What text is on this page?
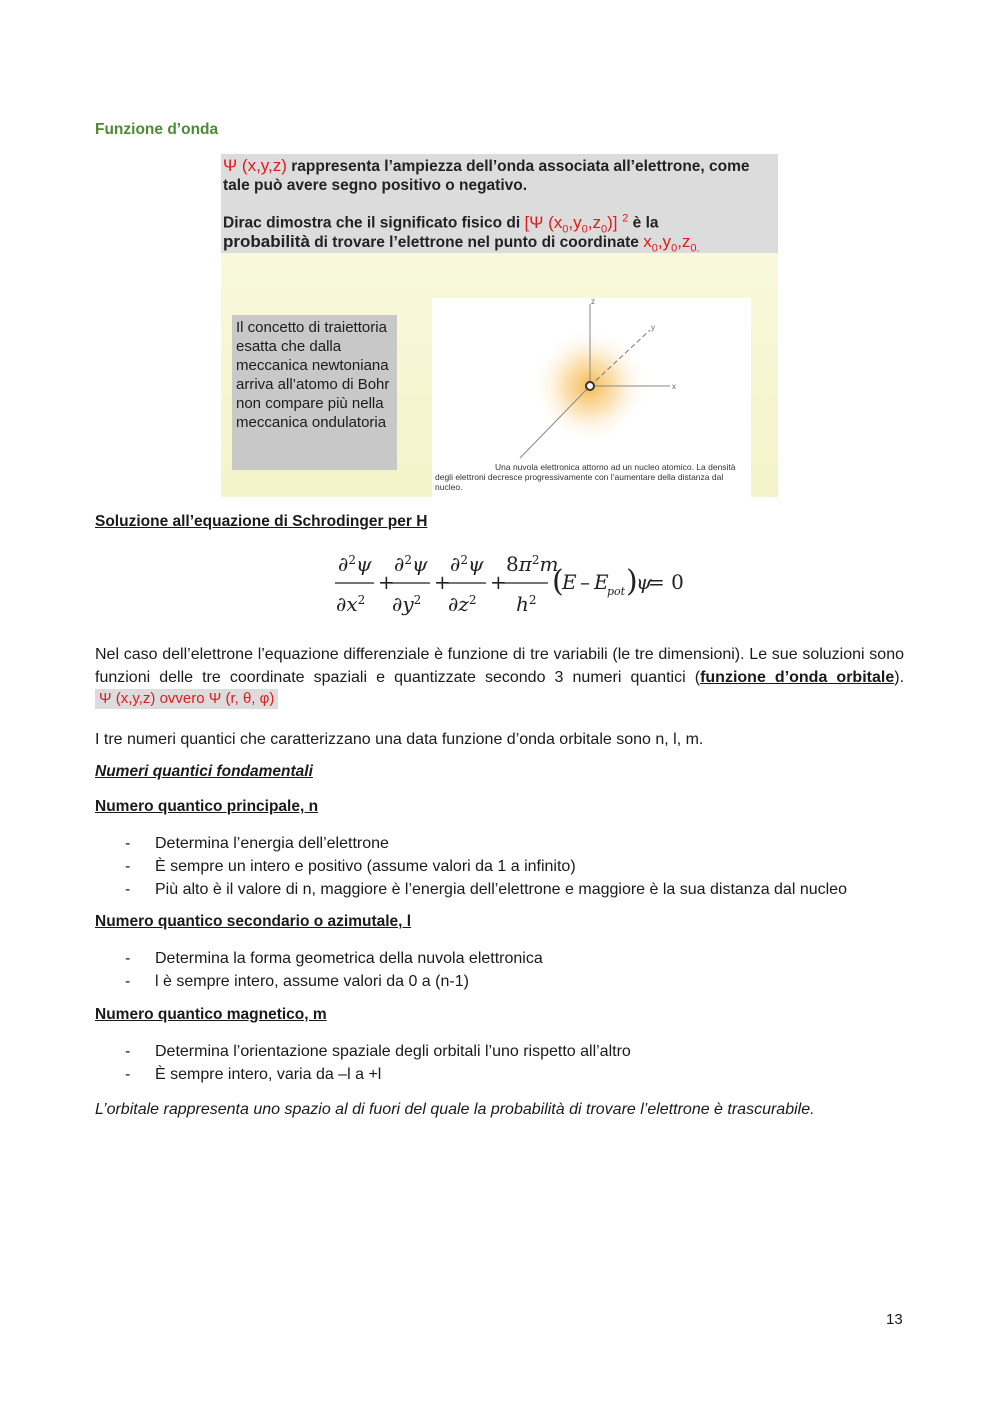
Funzione d’onda

Ψ (x,y,z) rappresenta l’ampiezza dell’onda associata all’elettrone, come

tale può avere segno positivo o negativo.

Dirac dimostra che il significato fisico di [Ψ $(x_0,y_0,z_0)$] $^2$ è la

probabilità di trovare l’elettrone nel punto di coordinate $x_0,y_0,z_{0.}$

Il concetto di traiettoria esatta che dalla meccanica newtoniana arriva all’atomo di Bohr non compare più nella meccanica ondulatoria
z
y
x
Una nuvola elettronica attorno ad un nucleo atomico. La densità degli elettroni decresce progressivamente con l’aumentare della distanza dal nucleo.
Soluzione all’equazione di Schrodinger per H
∂$^2$ψ
$\partial x^2$
+
∂$^2$ψ
$\partial y^2$
+
∂$^2$ψ
$\partial z^2$
+
$8\pi^2m$
$h^2$
(
E – E
pot )
ψ
= 0
Nel caso dell’elettrone l’equazione differenziale è funzione di tre variabili (le tre dimensioni). Le sue soluzioni sono funzioni delle tre coordinate spaziali e quantizzate secondo 3 numeri quantici (funzione d’onda orbitale). Ψ (x,y,z) ovvero Ψ (r, θ, φ)
I tre numeri quantici che caratterizzano una data funzione d’onda orbitale sono n, l, m.
Numeri quantici fondamentali
Numero quantico principale, n
- Determina l’energia dell’elettrone
- È sempre un intero e positivo (assume valori da 1 a infinito)
- Più alto è il valore di n, maggiore è l’energia dell’elettrone e maggiore è la sua distanza dal nucleo
Numero quantico secondario o azimutale, l
- Determina la forma geometrica della nuvola elettronica
- l è sempre intero, assume valori da 0 a (n-1)
Numero quantico magnetico, m
- Determina l’orientazione spaziale degli orbitali l’uno rispetto all’altro
- È sempre intero, varia da –l a +l
L’orbitale rappresenta uno spazio al di fuori del quale la probabilità di trovare l’elettrone è trascurabile.
13
